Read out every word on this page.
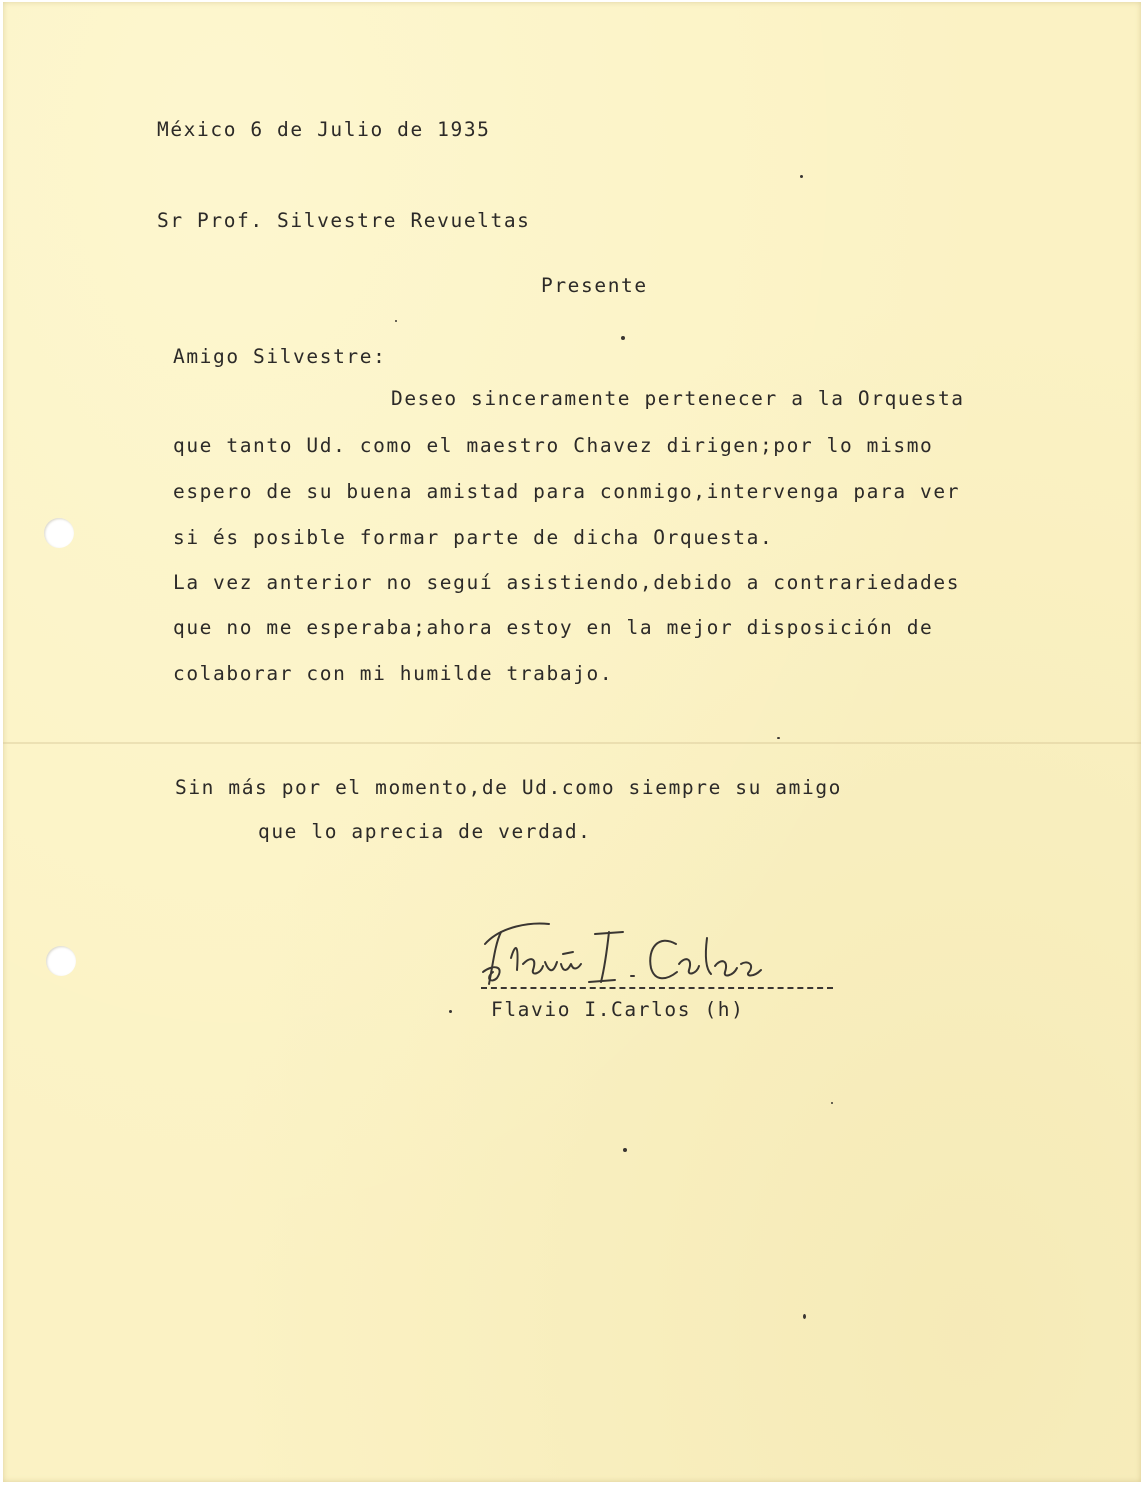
México 6 de Julio de 1935
Sr Prof. Silvestre Revueltas
Presente
Amigo Silvestre:
Deseo sinceramente pertenecer a la Orquesta
que tanto Ud. como el maestro Chavez dirigen;por lo mismo
espero de su buena amistad para conmigo,intervenga para ver
si és posible formar parte de dicha Orquesta.
La vez anterior no seguí asistiendo,debido a contrariedades
que no me esperaba;ahora estoy en la mejor disposición de
colaborar con mi humilde trabajo.
Sin más por el momento,de Ud.como siempre su amigo
que lo aprecia de verdad.
Flavio I.Carlos (h)
